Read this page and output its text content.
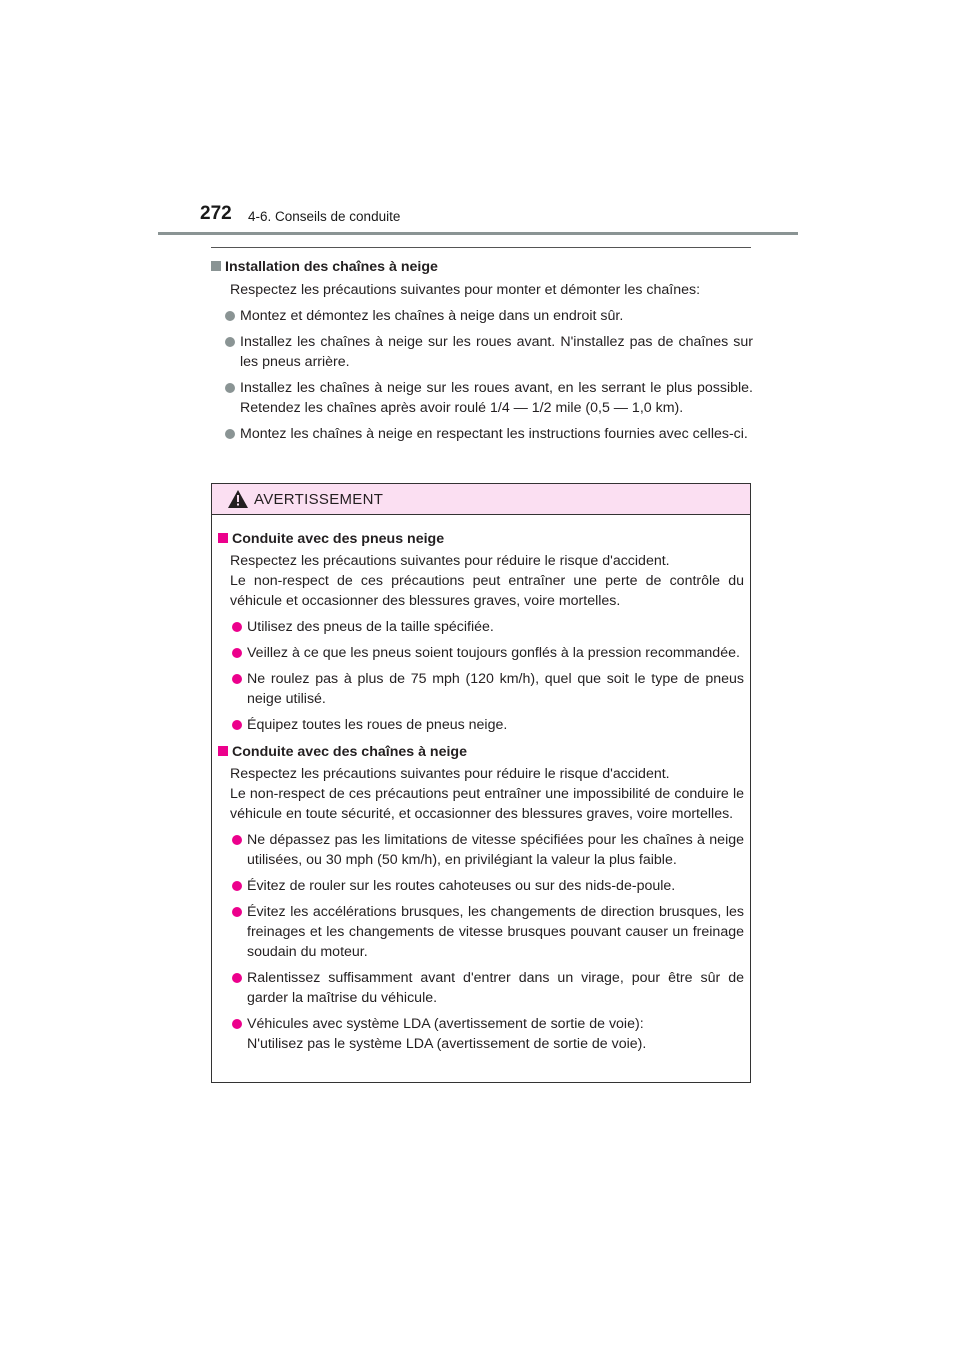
272 4-6. Conseils de conduite

Installation des chaînes à neige

Respectez les précautions suivantes pour monter et démonter les chaînes:
Montez et démontez les chaînes à neige dans un endroit sûr.
Installez les chaînes à neige sur les roues avant. N'installez pas de chaînes sur les pneus arrière.
Installez les chaînes à neige sur les roues avant, en les serrant le plus possible. Retendez les chaînes après avoir roulé 1/4 — 1/2 mile (0,5 — 1,0 km).
Montez les chaînes à neige en respectant les instructions fournies avec celles-ci.
AVERTISSEMENT

Conduite avec des pneus neige

Respectez les précautions suivantes pour réduire le risque d'accident.
Le non-respect de ces précautions peut entraîner une perte de contrôle du véhicule et occasionner des blessures graves, voire mortelles.
Utilisez des pneus de la taille spécifiée.
Veillez à ce que les pneus soient toujours gonflés à la pression recommandée.
Ne roulez pas à plus de 75 mph (120 km/h), quel que soit le type de pneus neige utilisé.
Équipez toutes les roues de pneus neige.

Conduite avec des chaînes à neige

Respectez les précautions suivantes pour réduire le risque d'accident.
Le non-respect de ces précautions peut entraîner une impossibilité de conduire le véhicule en toute sécurité, et occasionner des blessures graves, voire mortelles.
Ne dépassez pas les limitations de vitesse spécifiées pour les chaînes à neige utilisées, ou 30 mph (50 km/h), en privilégiant la valeur la plus faible.
Évitez de rouler sur les routes cahoteuses ou sur des nids-de-poule.
Évitez les accélérations brusques, les changements de direction brusques, les freinages et les changements de vitesse brusques pouvant causer un freinage soudain du moteur.
Ralentissez suffisamment avant d'entrer dans un virage, pour être sûr de garder la maîtrise du véhicule.
Véhicules avec système LDA (avertissement de sortie de voie):
N'utilisez pas le système LDA (avertissement de sortie de voie).
